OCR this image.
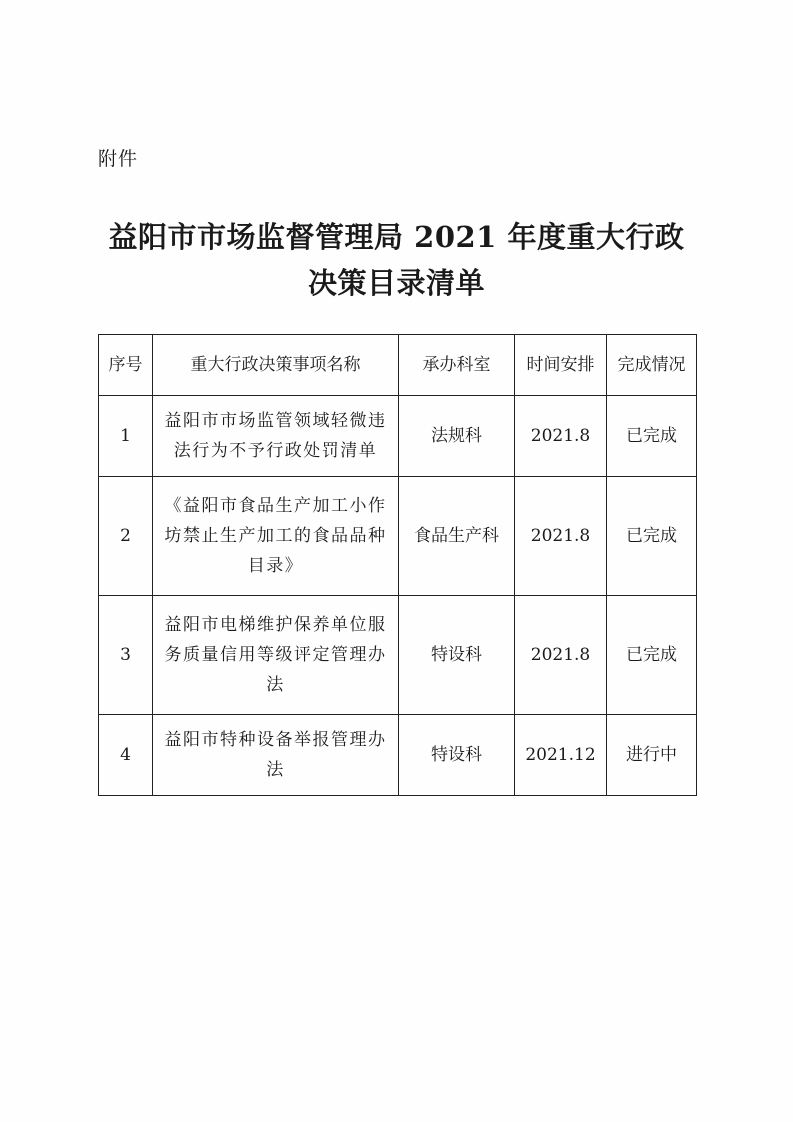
附件
益阳市市场监督管理局 2021 年度重大行政
决策目录清单
序号	重大行政决策事项名称	承办科室	时间安排	完成情况
1	益阳市市场监管领域轻微违法行为不予行政处罚清单	法规科	2021.8	已完成
2	《益阳市食品生产加工小作坊禁止生产加工的食品品种目录》	食品生产科	2021.8	已完成
3	益阳市电梯维护保养单位服务质量信用等级评定管理办法	特设科	2021.8	已完成
4	益阳市特种设备举报管理办法	特设科	2021.12	进行中
